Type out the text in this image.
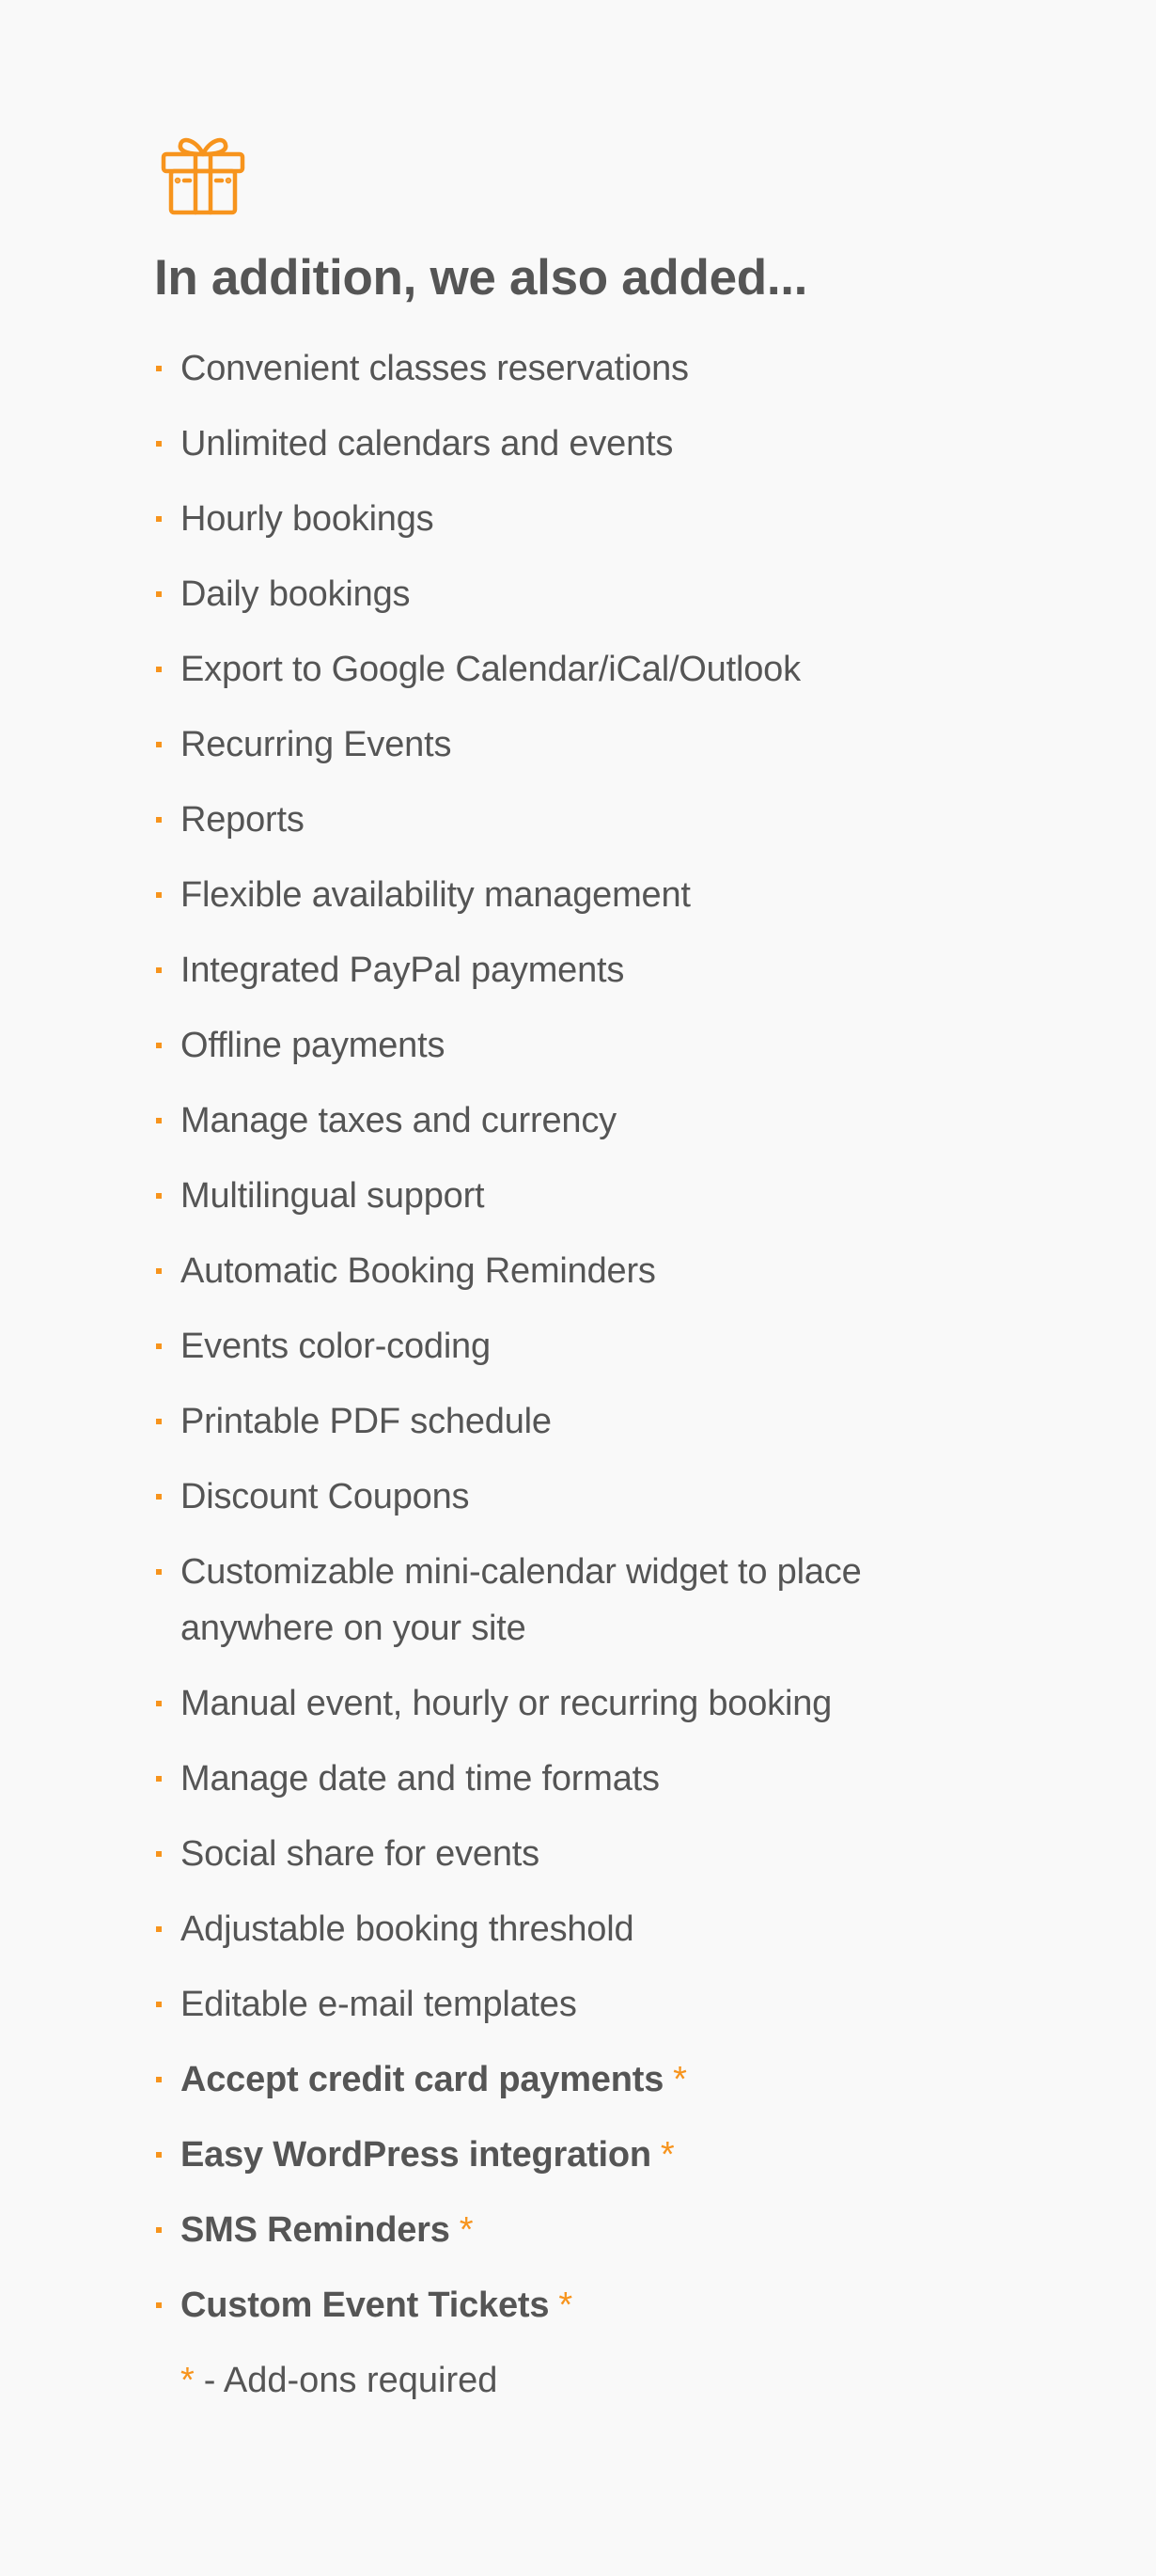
In addition, we also added...
Convenient classes reservations
Unlimited calendars and events
Hourly bookings
Daily bookings
Export to Google Calendar/iCal/Outlook
Recurring Events
Reports
Flexible availability management
Integrated PayPal payments
Offline payments
Manage taxes and currency
Multilingual support
Automatic Booking Reminders
Events color-coding
Printable PDF schedule
Discount Coupons
Customizable mini-calendar widget to place anywhere on your site
Manual event, hourly or recurring booking
Manage date and time formats
Social share for events
Adjustable booking threshold
Editable e-mail templates
Accept credit card payments *
Easy WordPress integration *
SMS Reminders *
Custom Event Tickets *
* - Add-ons required
